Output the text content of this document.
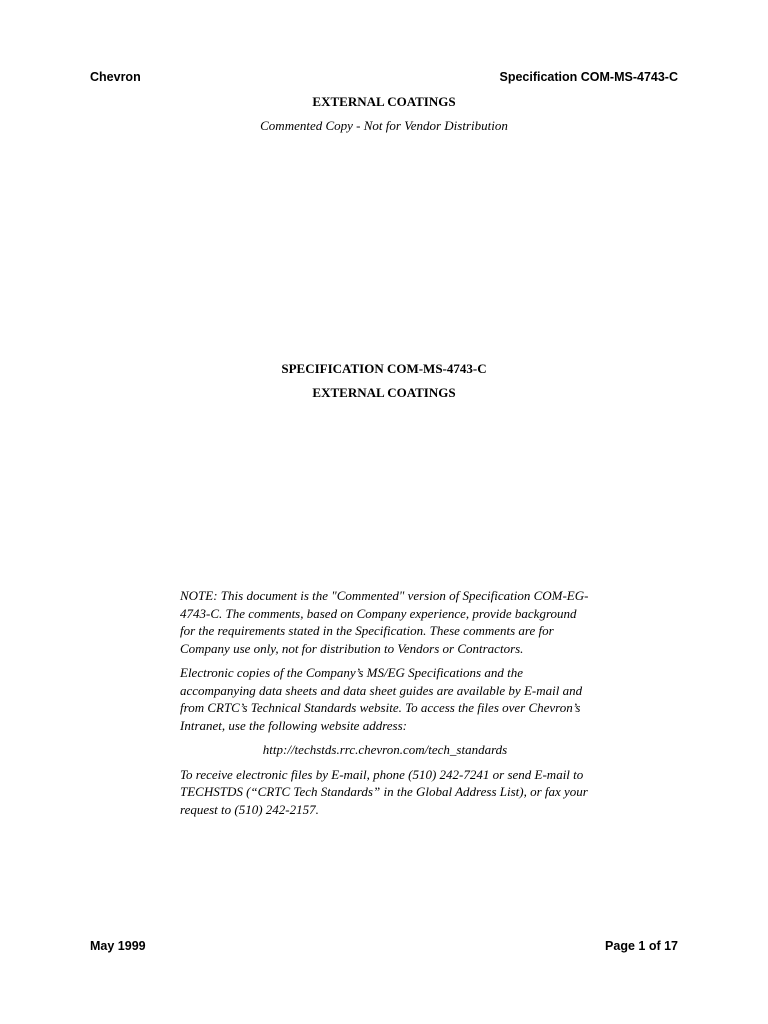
Chevron	Specification COM-MS-4743-C
EXTERNAL COATINGS
Commented Copy - Not for Vendor Distribution
SPECIFICATION COM-MS-4743-C
EXTERNAL COATINGS

NOTE: This document is the "Commented" version of Specification COM-EG-4743-C. The comments, based on Company experience, provide background for the requirements stated in the Specification. These comments are for Company use only, not for distribution to Vendors or Contractors.

Electronic copies of the Company’s MS/EG Specifications and the accompanying data sheets and data sheet guides are available by E-mail and from CRTC’s Technical Standards website. To access the files over Chevron’s Intranet, use the following website address:

http://techstds.rrc.chevron.com/tech_standards

To receive electronic files by E-mail, phone (510) 242-7241 or send E-mail to TECHSTDS (“CRTC Tech Standards” in the Global Address List), or fax your request to (510) 242-2157.

May 1999	Page 1 of 17
